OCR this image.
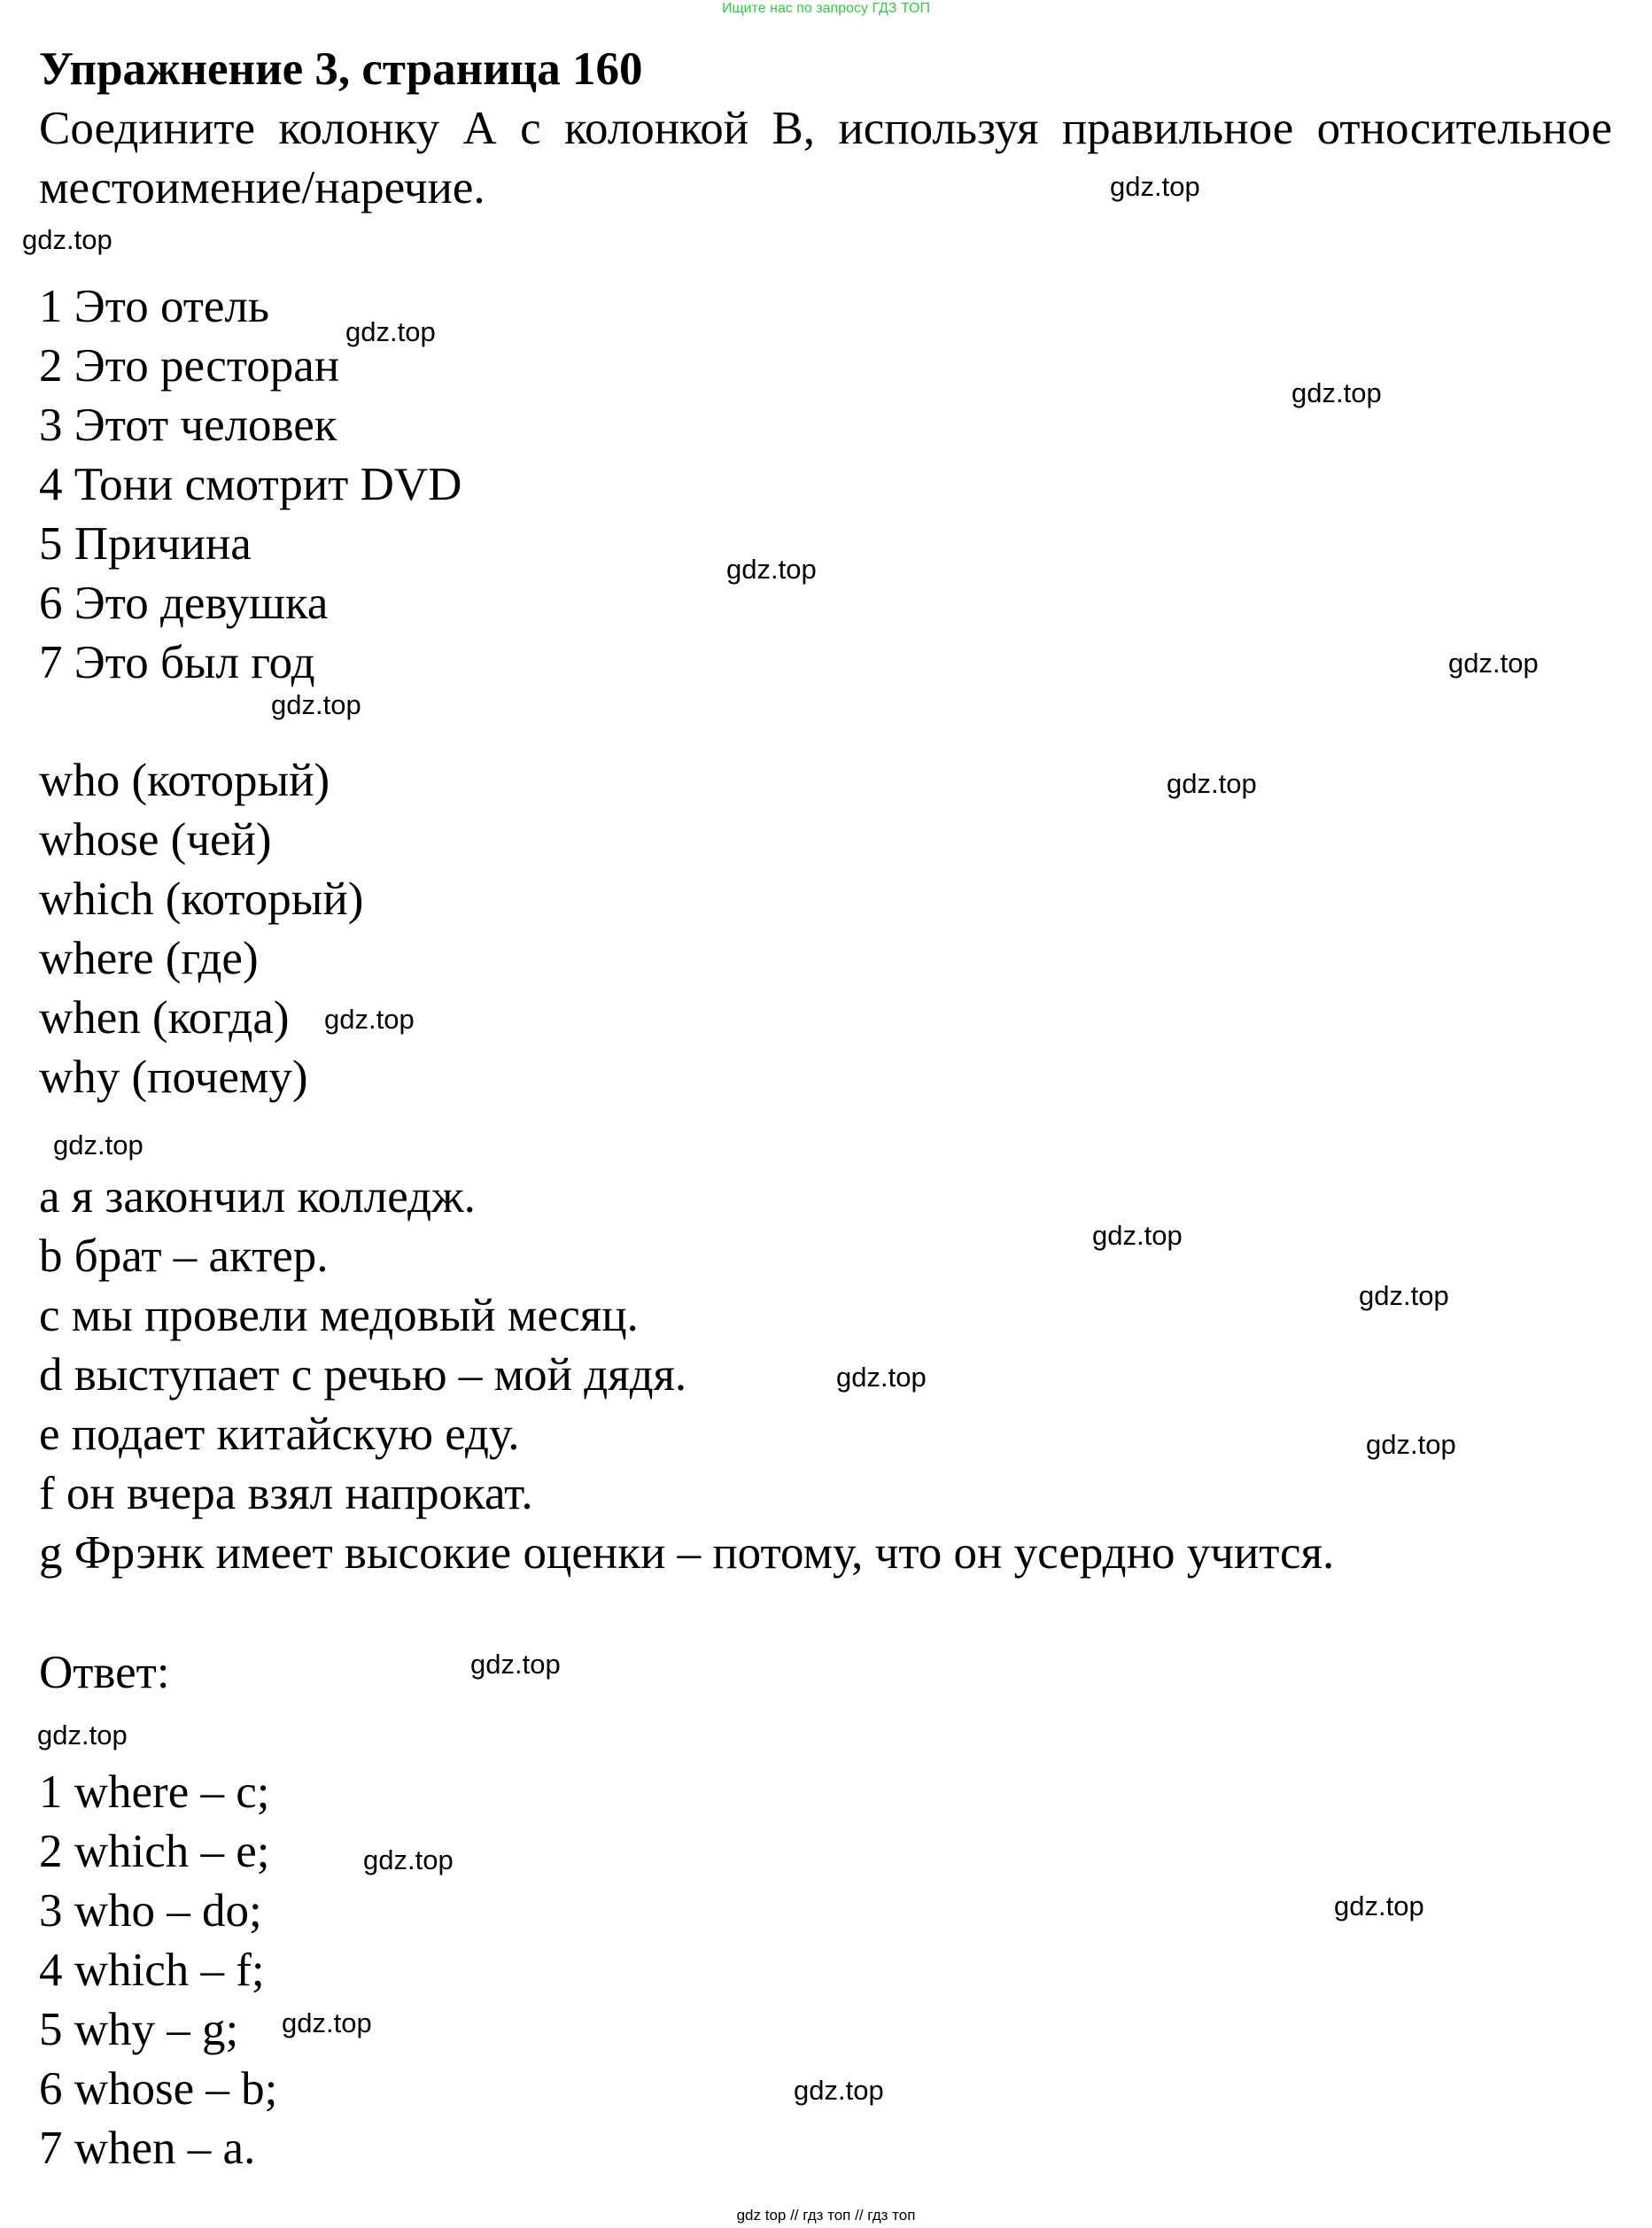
Ищите нас по запросу ГДЗ ТОП
Упражнение 3, страница 160
Соедините колонку А с колонкой В, используя правильное относительное местоимение/наречие.
1 Это отель
2 Это ресторан
3 Этот человек
4 Тони смотрит DVD
5 Причина
6 Это девушка
7 Это был год
who (который)
whose (чей)
which (который)
where (где)
when (когда)
why (почему)
а я закончил колледж.
b брат – актер.
с мы провели медовый месяц.
d выступает с речью – мой дядя.
е подает китайскую еду.
f он вчера взял напрокат.
g Фрэнк имеет высокие оценки – потому, что он усердно учится.
Ответ:
1 where – c;
2 which – e;
3 who – do;
4 which – f;
5 why – g;
6 whose – b;
7 when – a.
gdz.top
gdz.top
gdz.top
gdz.top
gdz.top
gdz.top
gdz.top
gdz.top
gdz.top
gdz.top
gdz.top
gdz.top
gdz.top
gdz.top
gdz.top
gdz.top
gdz.top
gdz.top
gdz.top
gdz.top
gdz top // гдз топ // гдз топ
